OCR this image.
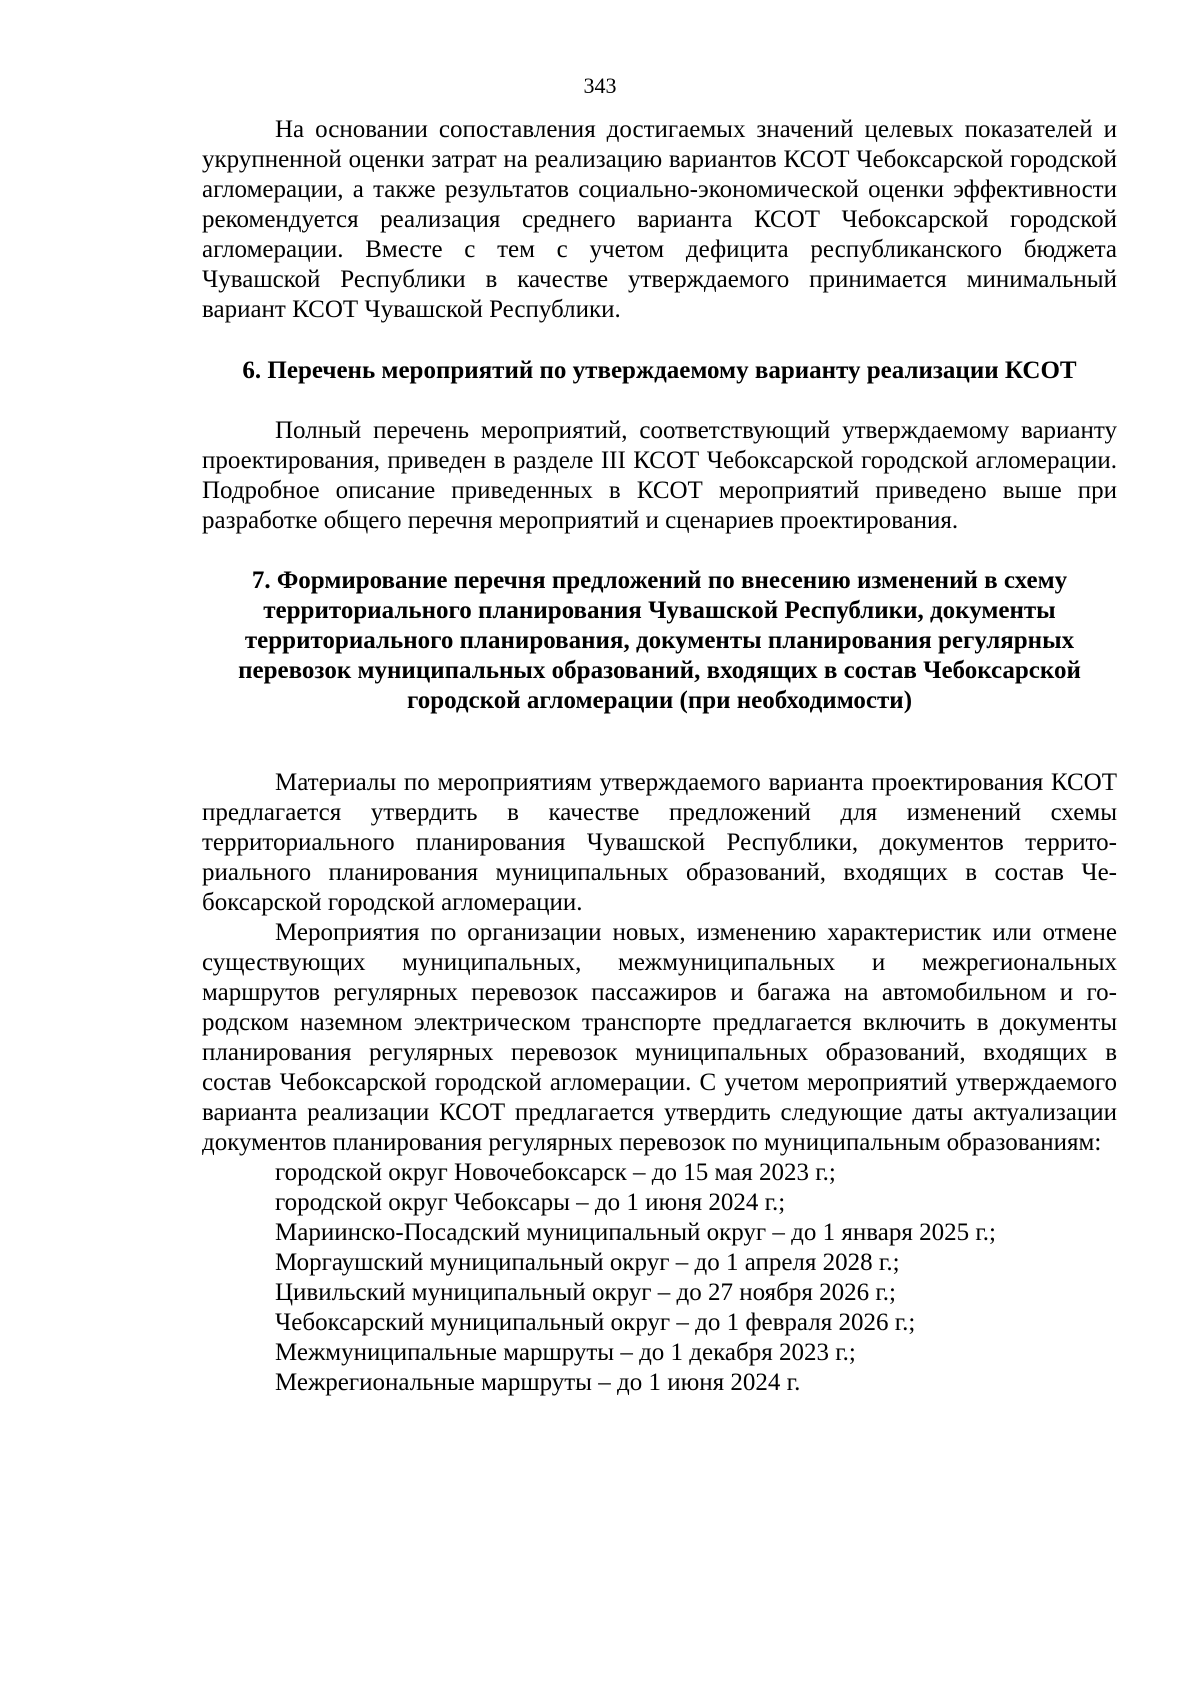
343

На основании сопоставления достигаемых значений целевых показателей и укрупненной оценки затрат на реализацию вариантов КСОТ Чебоксарской городской агломерации, а также результатов социально-экономической оценки эффективности рекомендуется реализация среднего варианта КСОТ Чебоксарской городской агломерации. Вместе с тем с учетом дефицита республиканского бюджета Чувашской Республики в качестве утверждаемого принимается минимальный вариант КСОТ Чувашской Республики.

6. Перечень мероприятий по утверждаемому варианту реализации КСОТ

Полный перечень мероприятий, соответствующий утверждаемому варианту проектирования, приведен в разделе III КСОТ Чебоксарской городской агломерации. Подробное описание приведенных в КСОТ мероприятий приведено выше при разработке общего перечня мероприятий и сценариев проектирования.

7. Формирование перечня предложений по внесению изменений в схему территориального планирования Чувашской Республики, документы территориального планирования, документы планирования регулярных перевозок муниципальных образований, входящих в состав Чебоксарской городской агломерации (при необходимости)

Материалы по мероприятиям утверждаемого варианта проектирования КСОТ предлагается утвердить в качестве предложений для изменений схемы территориального планирования Чувашской Республики, документов территориального планирования муниципальных образований, входящих в состав Чебоксарской городской агломерации.

Мероприятия по организации новых, изменению характеристик или отмене существующих муниципальных, межмуниципальных и межрегиональных маршрутов регулярных перевозок пассажиров и багажа на автомобильном и городском наземном электрическом транспорте предлагается включить в документы планирования регулярных перевозок муниципальных образований, входящих в состав Чебоксарской городской агломерации. С учетом мероприятий утверждаемого варианта реализации КСОТ предлагается утвердить следующие даты актуализации документов планирования регулярных перевозок по муниципальным образованиям:

городской округ Новочебоксарск – до 15 мая 2023 г.;
городской округ Чебоксары – до 1 июня 2024 г.;
Мариинско-Посадский муниципальный округ – до 1 января 2025 г.;
Моргаушский муниципальный округ – до 1 апреля 2028 г.;
Цивильский муниципальный округ – до 27 ноября 2026 г.;
Чебоксарский муниципальный округ – до 1 февраля 2026 г.;
Межмуниципальные маршруты – до 1 декабря 2023 г.;
Межрегиональные маршруты – до 1 июня 2024 г.
